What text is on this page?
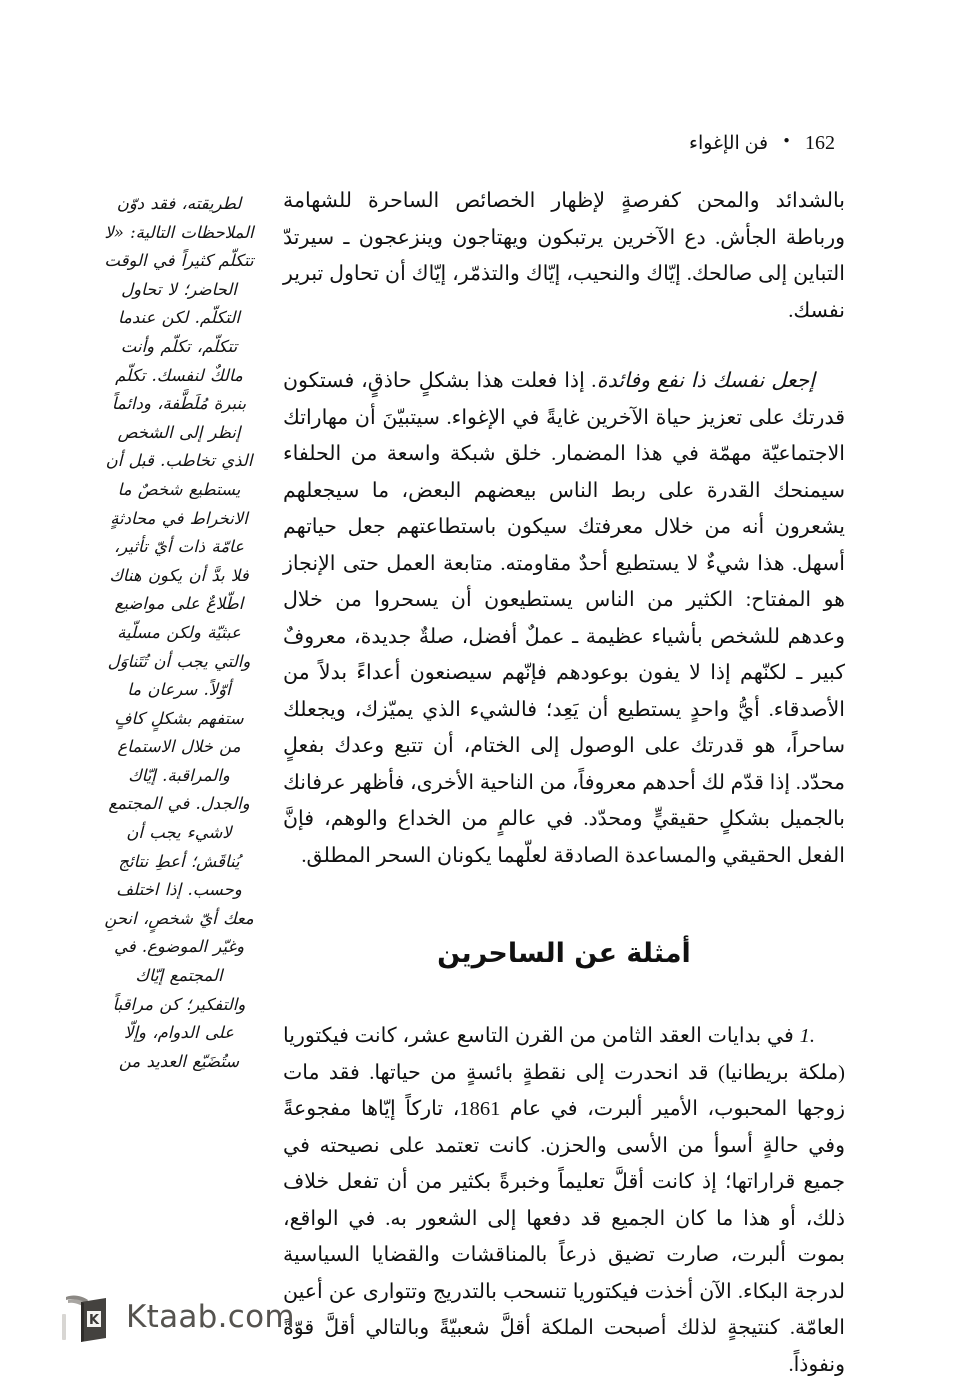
162
•
فن الإغواء

بالشدائد والمحن كفرصةٍ لإظهار الخصائص الساحرة للشهامة ورباطة الجأش. دع الآخرين يرتبكون ويهتاجون وينزعجون ـ سيرتدّ التباين إلى صالحك. إيّاك والنحيب، إيّاك والتذمّر، إيّاك أن تحاول تبرير نفسك.

إجعل نفسك ذا نفع وفائدة. إذا فعلت هذا بشكلٍ حاذقٍ، فستكون قدرتك على تعزيز حياة الآخرين غايةً في الإغواء. سيتبيّنَ أن مهاراتك الاجتماعيّة مهمّة في هذا المضمار. خلق شبكة واسعة من الحلفاء سيمنحك القدرة على ربط الناس بيعضهم البعض، ما سيجعلهم يشعرون أنه من خلال معرفتك سيكون باستطاعتهم جعل حياتهم أسهل. هذا شيءٌ لا يستطيع أحدٌ مقاومته. متابعة العمل حتى الإنجاز هو المفتاح: الكثير من الناس يستطيعون أن يسحروا من خلال وعدهم للشخص بأشياء عظيمة ـ عملٌ أفضل، صلةٌ جديدة، معروفٌ كبير ـ لكنّهم إذا لا يفون بوعودهم فإنّهم سيصنعون أعداءً بدلاً من الأصدقاء. أيُّ واحدٍ يستطيع أن يَعِد؛ فالشيء الذي يميّزك، ويجعلك ساحراً، هو قدرتك على الوصول إلى الختام، أن تتبع وعدك بفعلٍ محدّد. إذا قدّم لك أحدهم معروفاً، من الناحية الأخرى، فأظهر عرفانك بالجميل بشكلٍ حقيقيٍّ ومحدّد. في عالمٍ من الخداع والوهم، فإنَّ الفعل الحقيقي والمساعدة الصادقة لعلّهما يكونان السحر المطلق.

أمثلة عن الساحرين

1. في بدايات العقد الثامن من القرن التاسع عشر، كانت فيكتوريا (ملكة بريطانيا) قد انحدرت إلى نقطةٍ بائسةٍ من حياتها. فقد مات زوجها المحبوب، الأمير ألبرت، في عام 1861، تاركاً إيّاها مفجوعةً وفي حالةٍ أسوأ من الأسى والحزن. كانت تعتمد على نصيحته في جميع قراراتها؛ إذ كانت أقلَّ تعليماً وخبرةً بكثير من أن تفعل خلاف ذلك، أو هذا ما كان الجميع قد دفعها إلى الشعور به. في الواقع، بموت ألبرت، صارت تضيق ذرعاً بالمناقشات والقضايا السياسية لدرجة البكاء. الآن أخذت فيكتوريا تنسحب بالتدريج وتتوارى عن أعين العامّة. كنتيجةٍ لذلك أصبحت الملكة أقلَّ شعبيّةً وبالتالي أقلَّ قوّةً ونفوذاً.

لطريقته، فقد دوّن الملاحظات التالية: «لا تتكلّم كثيراً في الوقت الحاضر؛ لا تحاول التكلّم. لكن عندما تتكلّم، تكلّم وأنت مالكٌ لنفسك. تكلّم بنبرة مُلَطَّفة، ودائماً إنظر إلى الشخص الذي تخاطب. قبل أن يستطيع شخصٌ ما الانخراط في محادثةٍ عامّة ذات أيّ تأثير، فلا بدَّ أن يكون هناك اطّلاعٌ على مواضيع عبثيّة ولكن مسلّية والتي يجب أن تُتَناوَل أوّلاً. سرعان ما ستفهم بشكلٍ كافٍ من خلال الاستماع والمراقبة. إيّاك والجدل. في المجتمع لاشيء يجب أن يُناقَش؛ أعطِ نتائج وحسب. إذا اختلف معك أيّ شخصٍ، انحنِ وغيّر الموضوع. في المجتمع إيّاك والتفكير؛ كن مراقباً على الدوام، وإلّا ستُضَيّع العديد من

K Ktaab.com
